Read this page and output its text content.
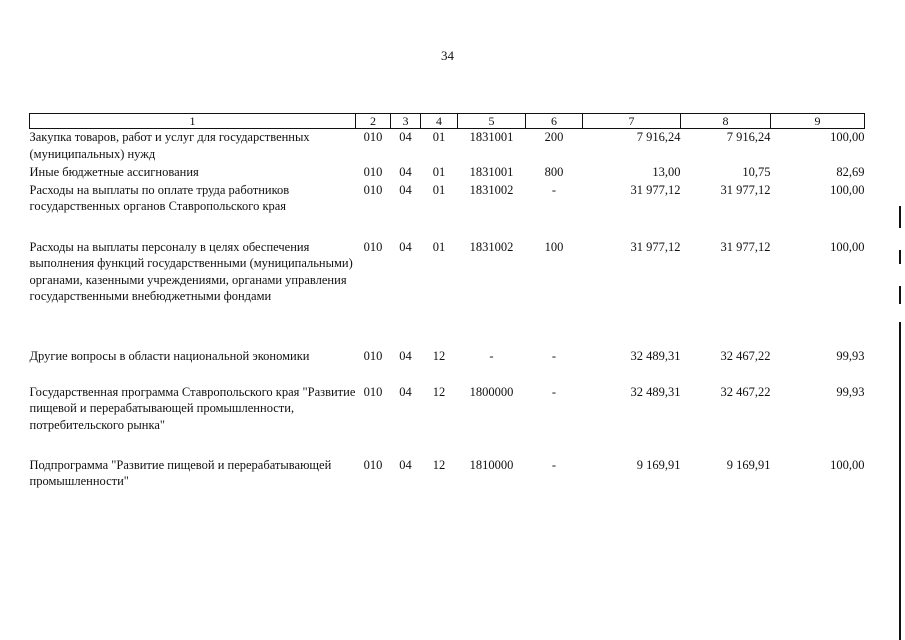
34
1	2	3	4	5	6	7	8	9
Закупка товаров, работ и услуг для государственных (муниципальных) нужд	010	04	01	1831001	200	7 916,24	7 916,24	100,00
Иные бюджетные ассигнования	010	04	01	1831001	800	13,00	10,75	82,69
Расходы на выплаты по оплате труда работников государственных органов Ставропольского края	010	04	01	1831002	-	31 977,12	31 977,12	100,00
Расходы на выплаты персоналу в целях обеспечения выполнения функций государственными (муниципальными) органами, казенными учреждениями, органами управления государственными внебюджетными фондами	010	04	01	1831002	100	31 977,12	31 977,12	100,00
Другие вопросы в области национальной экономики	010	04	12	-	-	32 489,31	32 467,22	99,93
Государственная программа Ставропольского края "Развитие пищевой и перерабатывающей промышленности, потребительского рынка"	010	04	12	1800000	-	32 489,31	32 467,22	99,93
Подпрограмма "Развитие пищевой и перерабатывающей промышленности"	010	04	12	1810000	-	9 169,91	9 169,91	100,00
